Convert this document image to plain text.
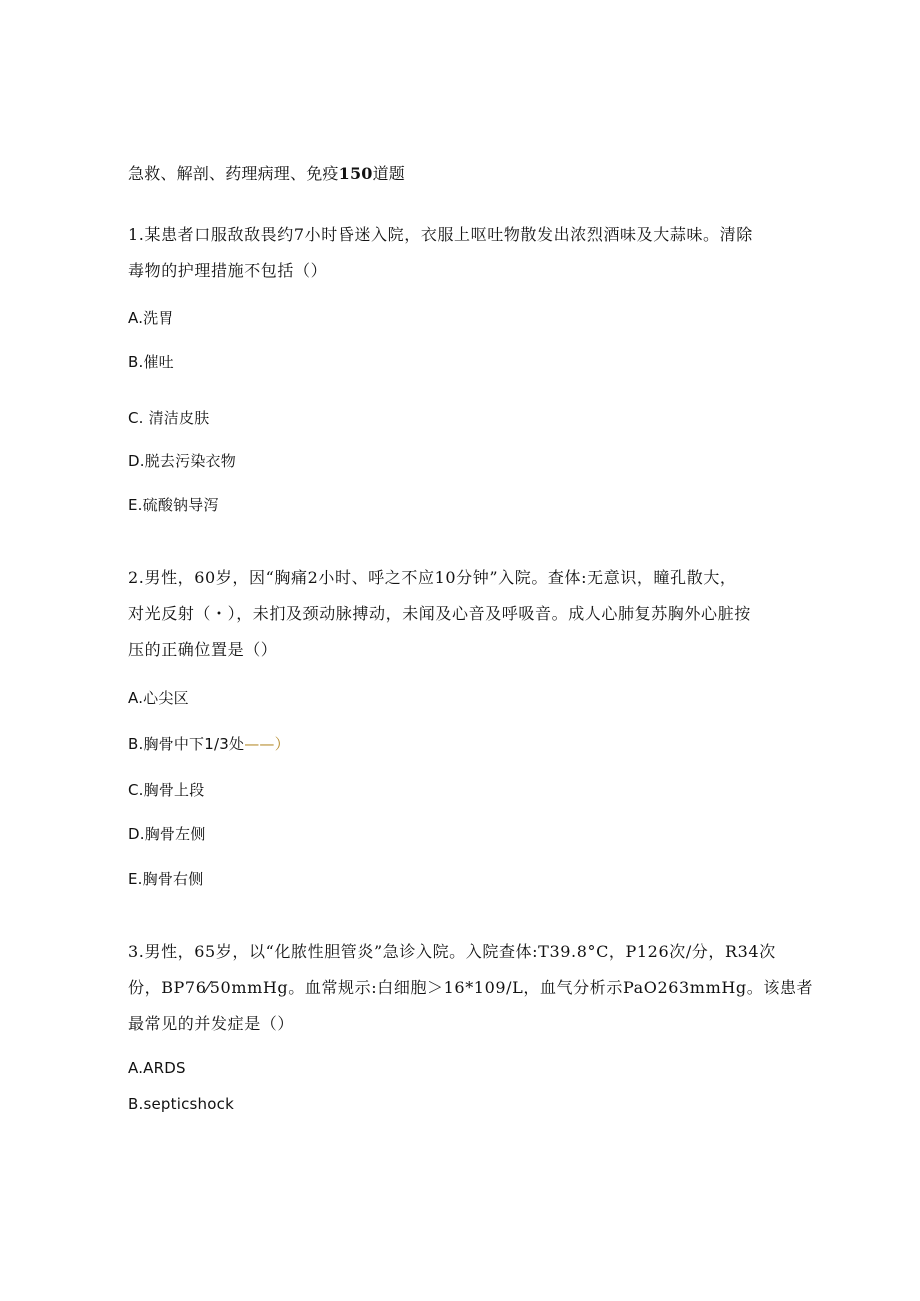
急救、解剖、药理病理、免疫150道题
1.某患者口服敌敌畏约7小时昏迷入院，衣服上呕吐物散发出浓烈酒味及大蒜味。清除
毒物的护理措施不包括（）
A.洗胃
B.催吐
C. 清洁皮肤
D.脱去污染衣物
E.硫酸钠导泻
2.男性，60岁，因“胸痛2小时、呼之不应10分钟”入院。查体:无意识，瞳孔散大，
对光反射（・），未扪及颈动脉搏动，未闻及心音及呼吸音。成人心肺复苏胸外心脏按
压的正确位置是（）
A.心尖区
B.胸骨中下1/3处——）
C.胸骨上段
D.胸骨左侧
E.胸骨右侧
3.男性，65岁，以“化脓性胆管炎”急诊入院。入院查体:T39.8°C，P126次/分，R34次
份，BP76⁄50mmHg。血常规示:白细胞＞16*109/L，血气分析示PaO263mmHg。该患者
最常见的并发症是（）
A.ARDS
B.septicshock
